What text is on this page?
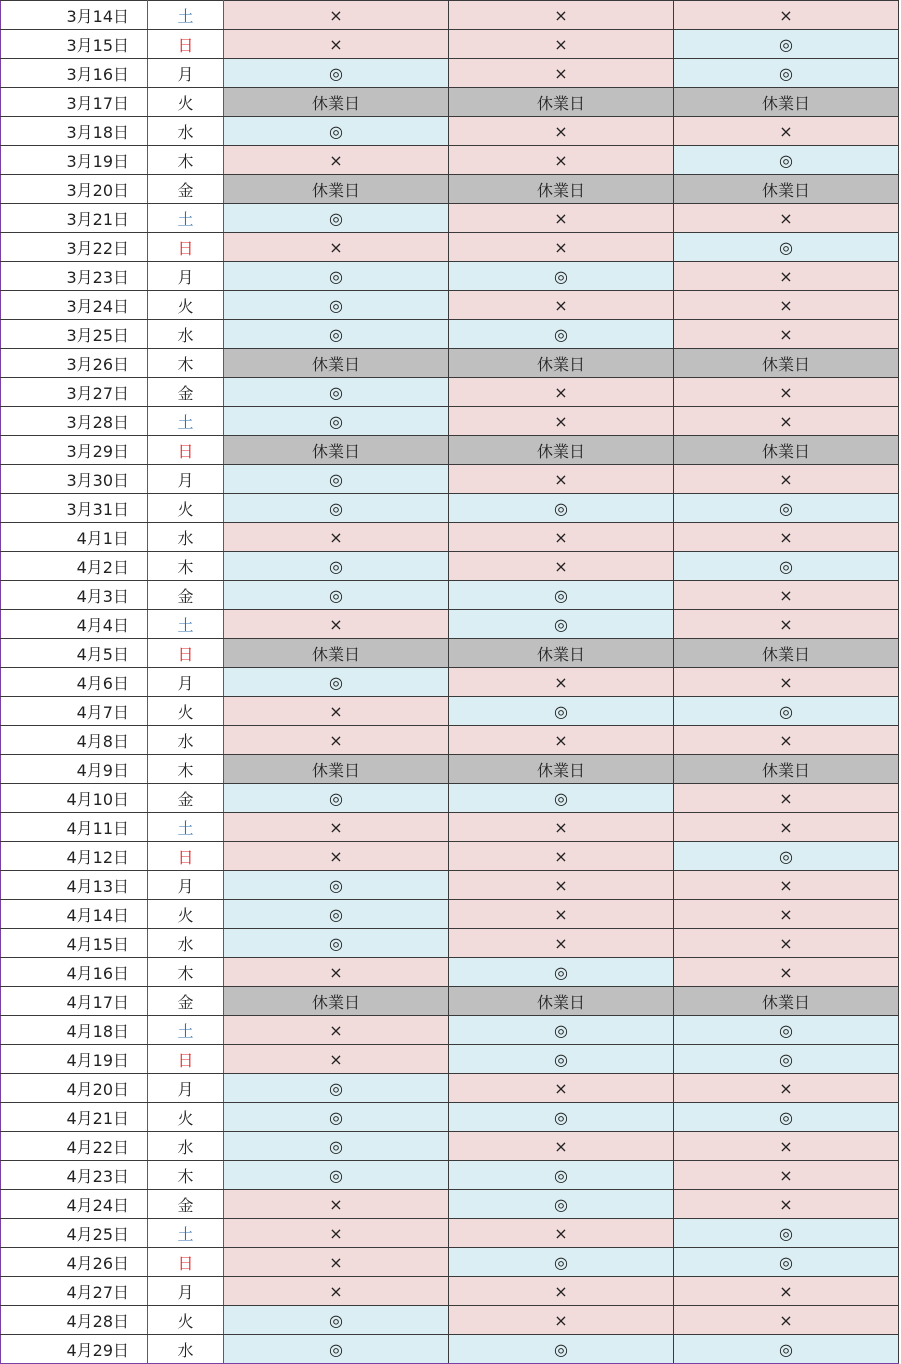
3月14日	土	×	×	×
3月15日	日	×	×	◎
3月16日	月	◎	×	◎
3月17日	火	休業日	休業日	休業日
3月18日	水	◎	×	×
3月19日	木	×	×	◎
3月20日	金	休業日	休業日	休業日
3月21日	土	◎	×	×
3月22日	日	×	×	◎
3月23日	月	◎	◎	×
3月24日	火	◎	×	×
3月25日	水	◎	◎	×
3月26日	木	休業日	休業日	休業日
3月27日	金	◎	×	×
3月28日	土	◎	×	×
3月29日	日	休業日	休業日	休業日
3月30日	月	◎	×	×
3月31日	火	◎	◎	◎
4月1日	水	×	×	×
4月2日	木	◎	×	◎
4月3日	金	◎	◎	×
4月4日	土	×	◎	×
4月5日	日	休業日	休業日	休業日
4月6日	月	◎	×	×
4月7日	火	×	◎	◎
4月8日	水	×	×	×
4月9日	木	休業日	休業日	休業日
4月10日	金	◎	◎	×
4月11日	土	×	×	×
4月12日	日	×	×	◎
4月13日	月	◎	×	×
4月14日	火	◎	×	×
4月15日	水	◎	×	×
4月16日	木	×	◎	×
4月17日	金	休業日	休業日	休業日
4月18日	土	×	◎	◎
4月19日	日	×	◎	◎
4月20日	月	◎	×	×
4月21日	火	◎	◎	◎
4月22日	水	◎	×	×
4月23日	木	◎	◎	×
4月24日	金	×	◎	×
4月25日	土	×	×	◎
4月26日	日	×	◎	◎
4月27日	月	×	×	×
4月28日	火	◎	×	×
4月29日	水	◎	◎	◎
